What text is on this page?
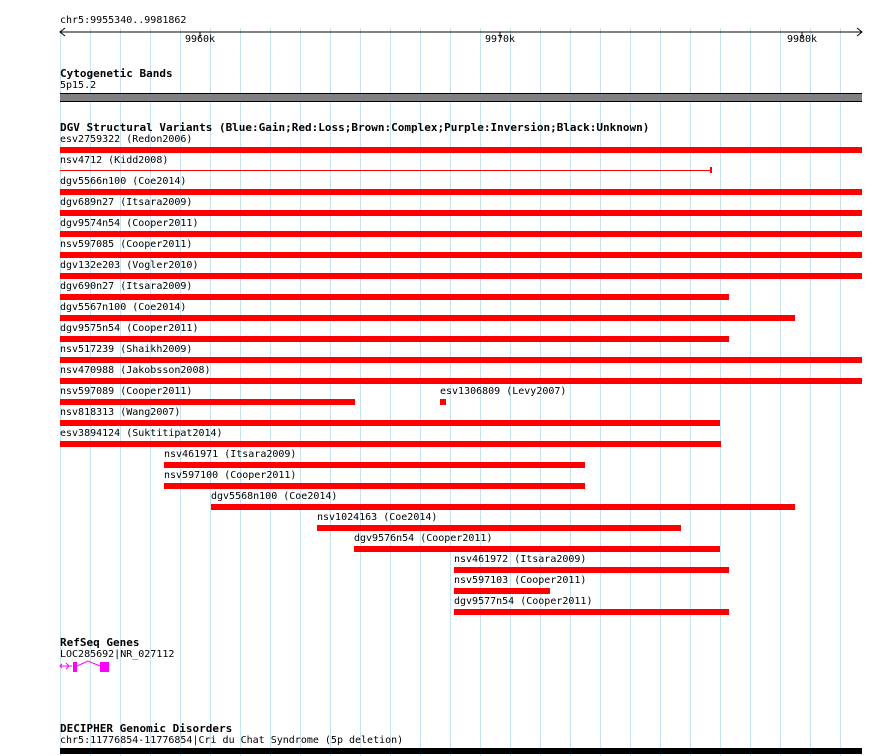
chr5:9955340..9981862
9960k	9970k	9980k
Cytogenetic Bands
5p15.2
DGV Structural Variants (Blue:Gain;Red:Loss;Brown:Complex;Purple:Inversion;Black:Unknown)
esv2759322 (Redon2006)
nsv4712 (Kidd2008)
dgv5566n100 (Coe2014)
dgv689n27 (Itsara2009)
dgv9574n54 (Cooper2011)
nsv597085 (Cooper2011)
dgv132e203 (Vogler2010)
dgv690n27 (Itsara2009)
dgv5567n100 (Coe2014)
dgv9575n54 (Cooper2011)
nsv517239 (Shaikh2009)
nsv470988 (Jakobsson2008)
nsv597089 (Cooper2011)	esv1306809 (Levy2007)
nsv818313 (Wang2007)
esv3894124 (Suktitipat2014)
nsv461971 (Itsara2009)
nsv597100 (Cooper2011)
dgv5568n100 (Coe2014)
nsv1024163 (Coe2014)
dgv9576n54 (Cooper2011)
nsv461972 (Itsara2009)
nsv597103 (Cooper2011)
dgv9577n54 (Cooper2011)
RefSeq Genes
LOC285692|NR_027112
DECIPHER Genomic Disorders
chr5:11776854-11776854|Cri du Chat Syndrome (5p deletion)
